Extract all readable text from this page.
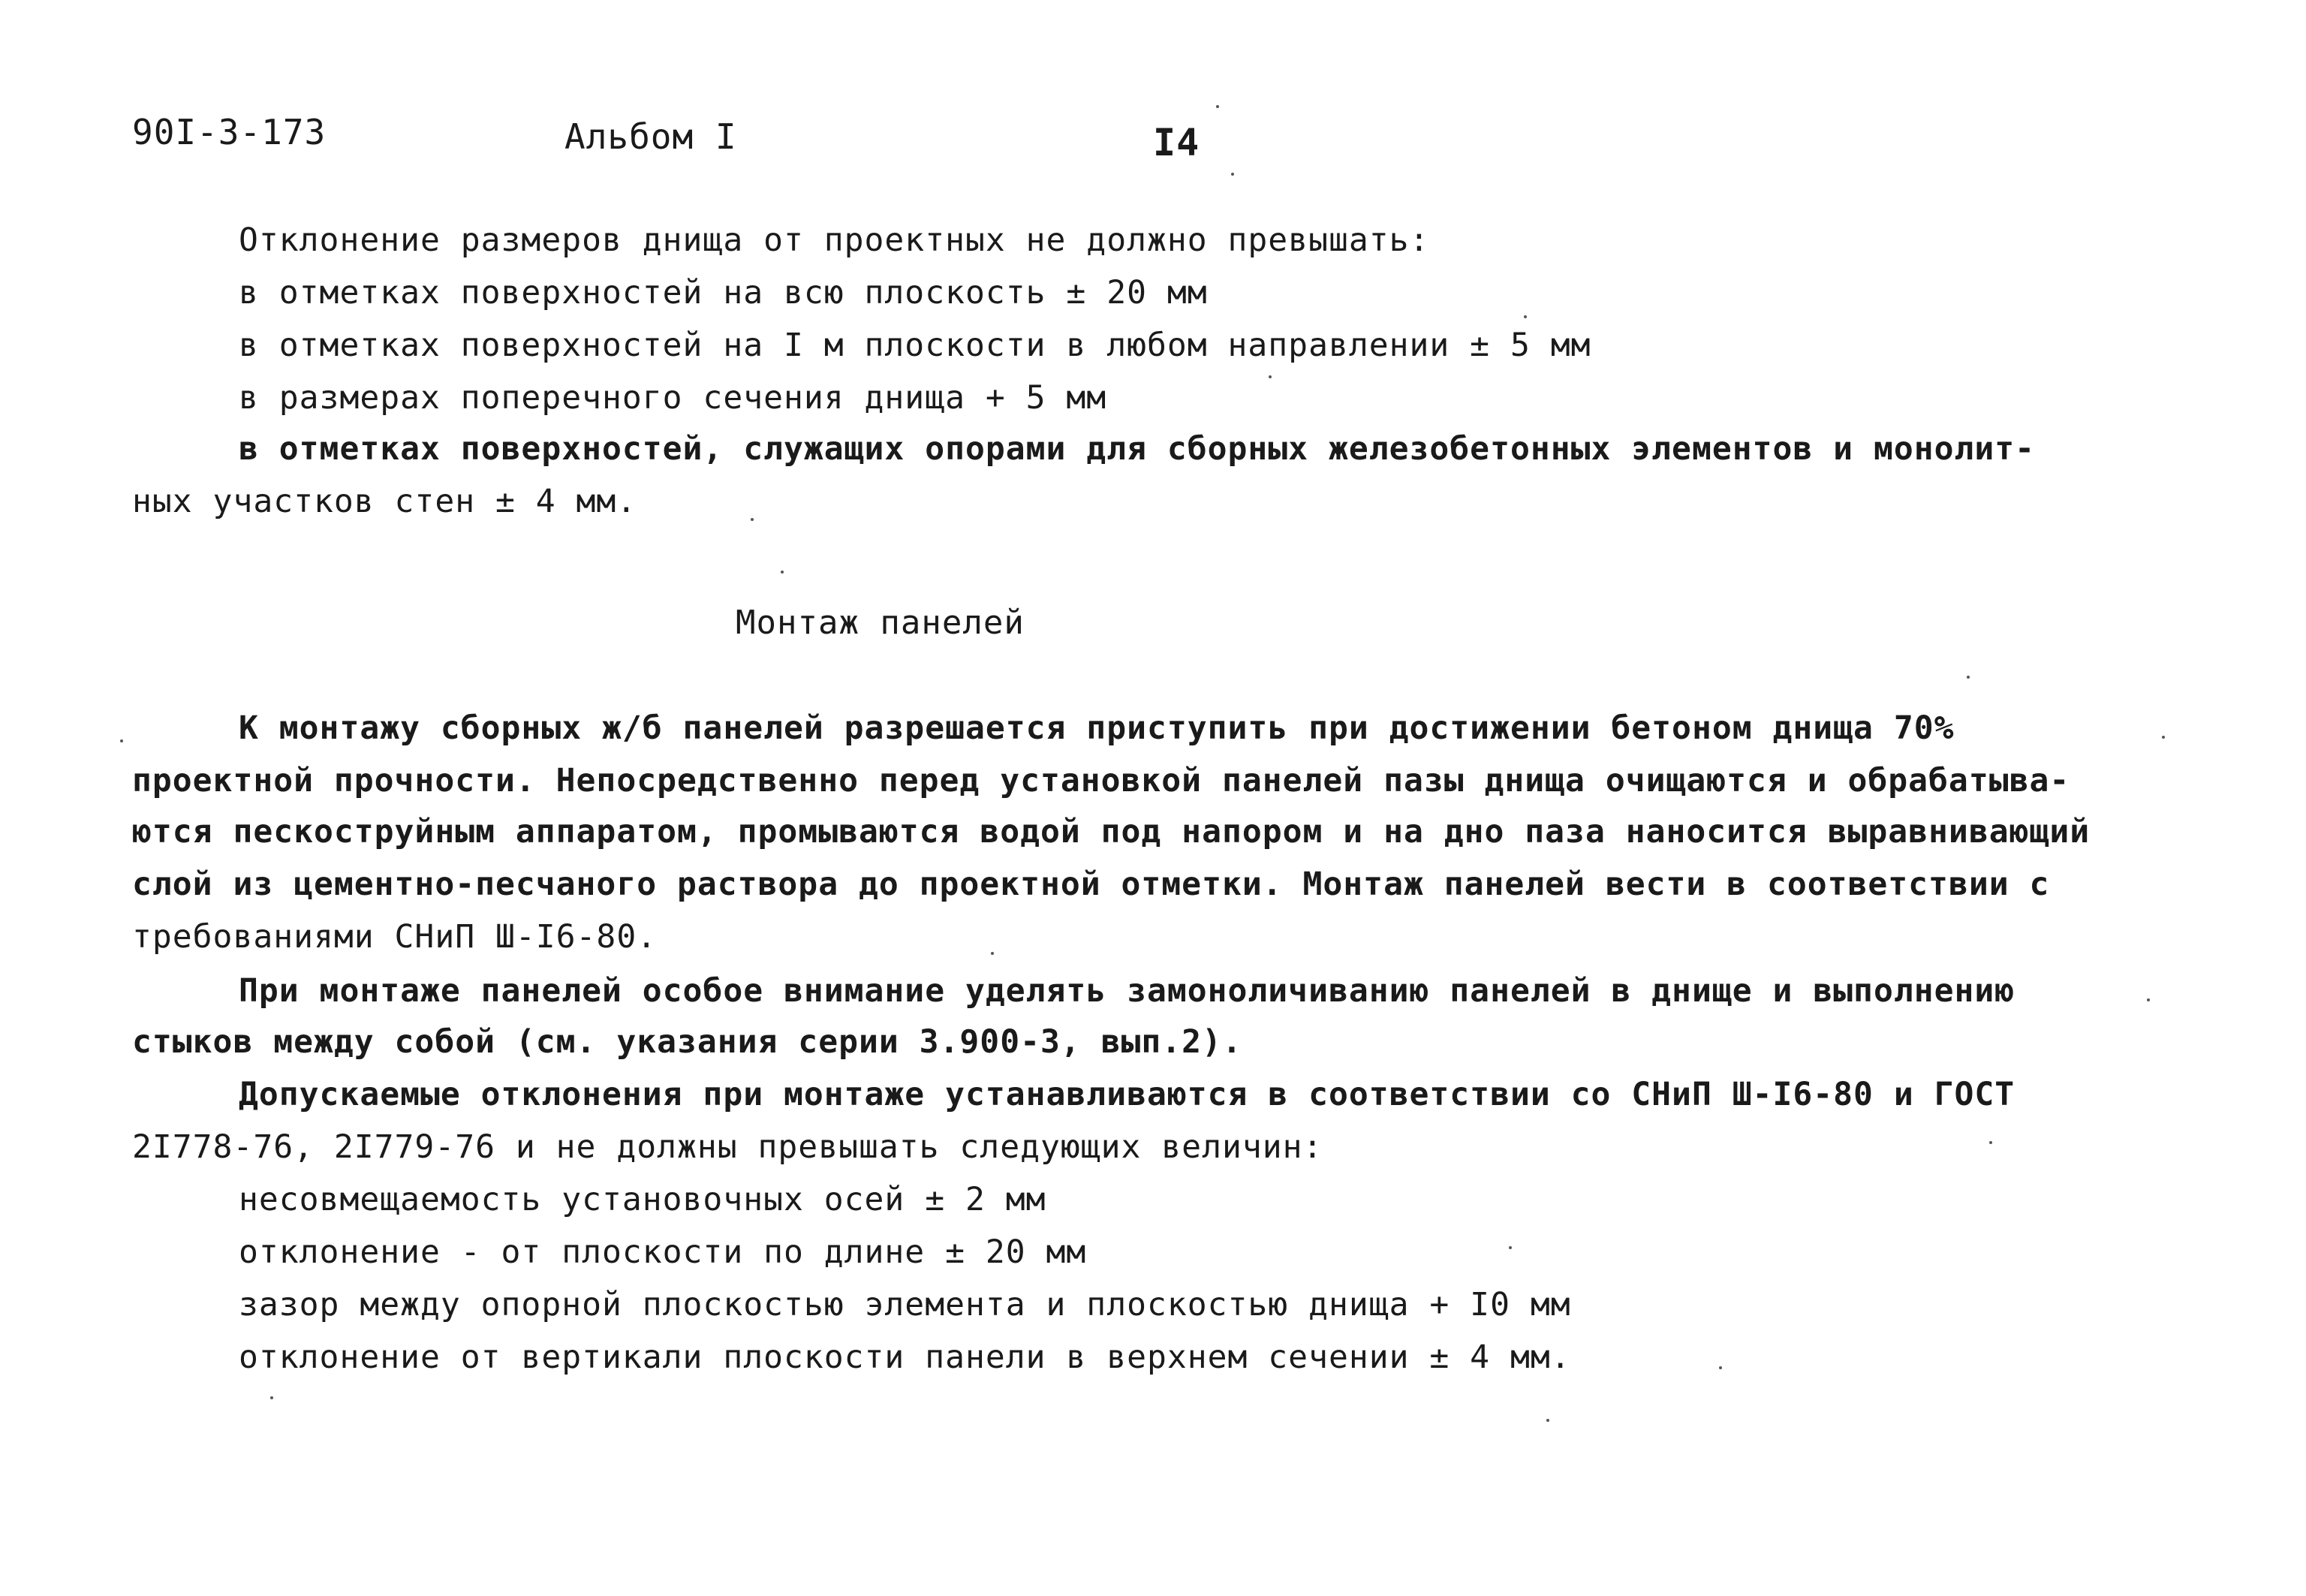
90I-3-173	Альбом I	I4
Отклонение размеров днища от проектных не должно превышать:
в отметках поверхностей на всю плоскость ± 20 мм
в отметках поверхностей на I м плоскости в любом направлении ± 5 мм
в размерах поперечного сечения днища + 5 мм
в отметках поверхностей, служащих опорами для сборных железобетонных элементов и монолит-
ных участков стен ± 4 мм.
Монтаж панелей
К монтажу сборных ж/б панелей разрешается приступить при достижении бетоном днища 70%
проектной прочности. Непосредственно перед установкой панелей пазы днища очищаются и обрабатыва-
ются пескоструйным аппаратом, промываются водой под напором и на дно паза наносится выравнивающий
слой из цементно-песчаного раствора до проектной отметки. Монтаж панелей вести в соответствии с
требованиями СНиП Ш-I6-80.
При монтаже панелей особое внимание уделять замоноличиванию панелей в днище и выполнению
стыков между собой (см. указания серии 3.900-3, вып.2).
Допускаемые отклонения при монтаже устанавливаются в соответствии со СНиП Ш-I6-80 и ГОСТ
2I778-76, 2I779-76 и не должны превышать следующих величин:
несовмещаемость установочных осей ± 2 мм
отклонение - от плоскости по длине ± 20 мм
зазор между опорной плоскостью элемента и плоскостью днища + I0 мм
отклонение от вертикали плоскости панели в верхнем сечении ± 4 мм.
